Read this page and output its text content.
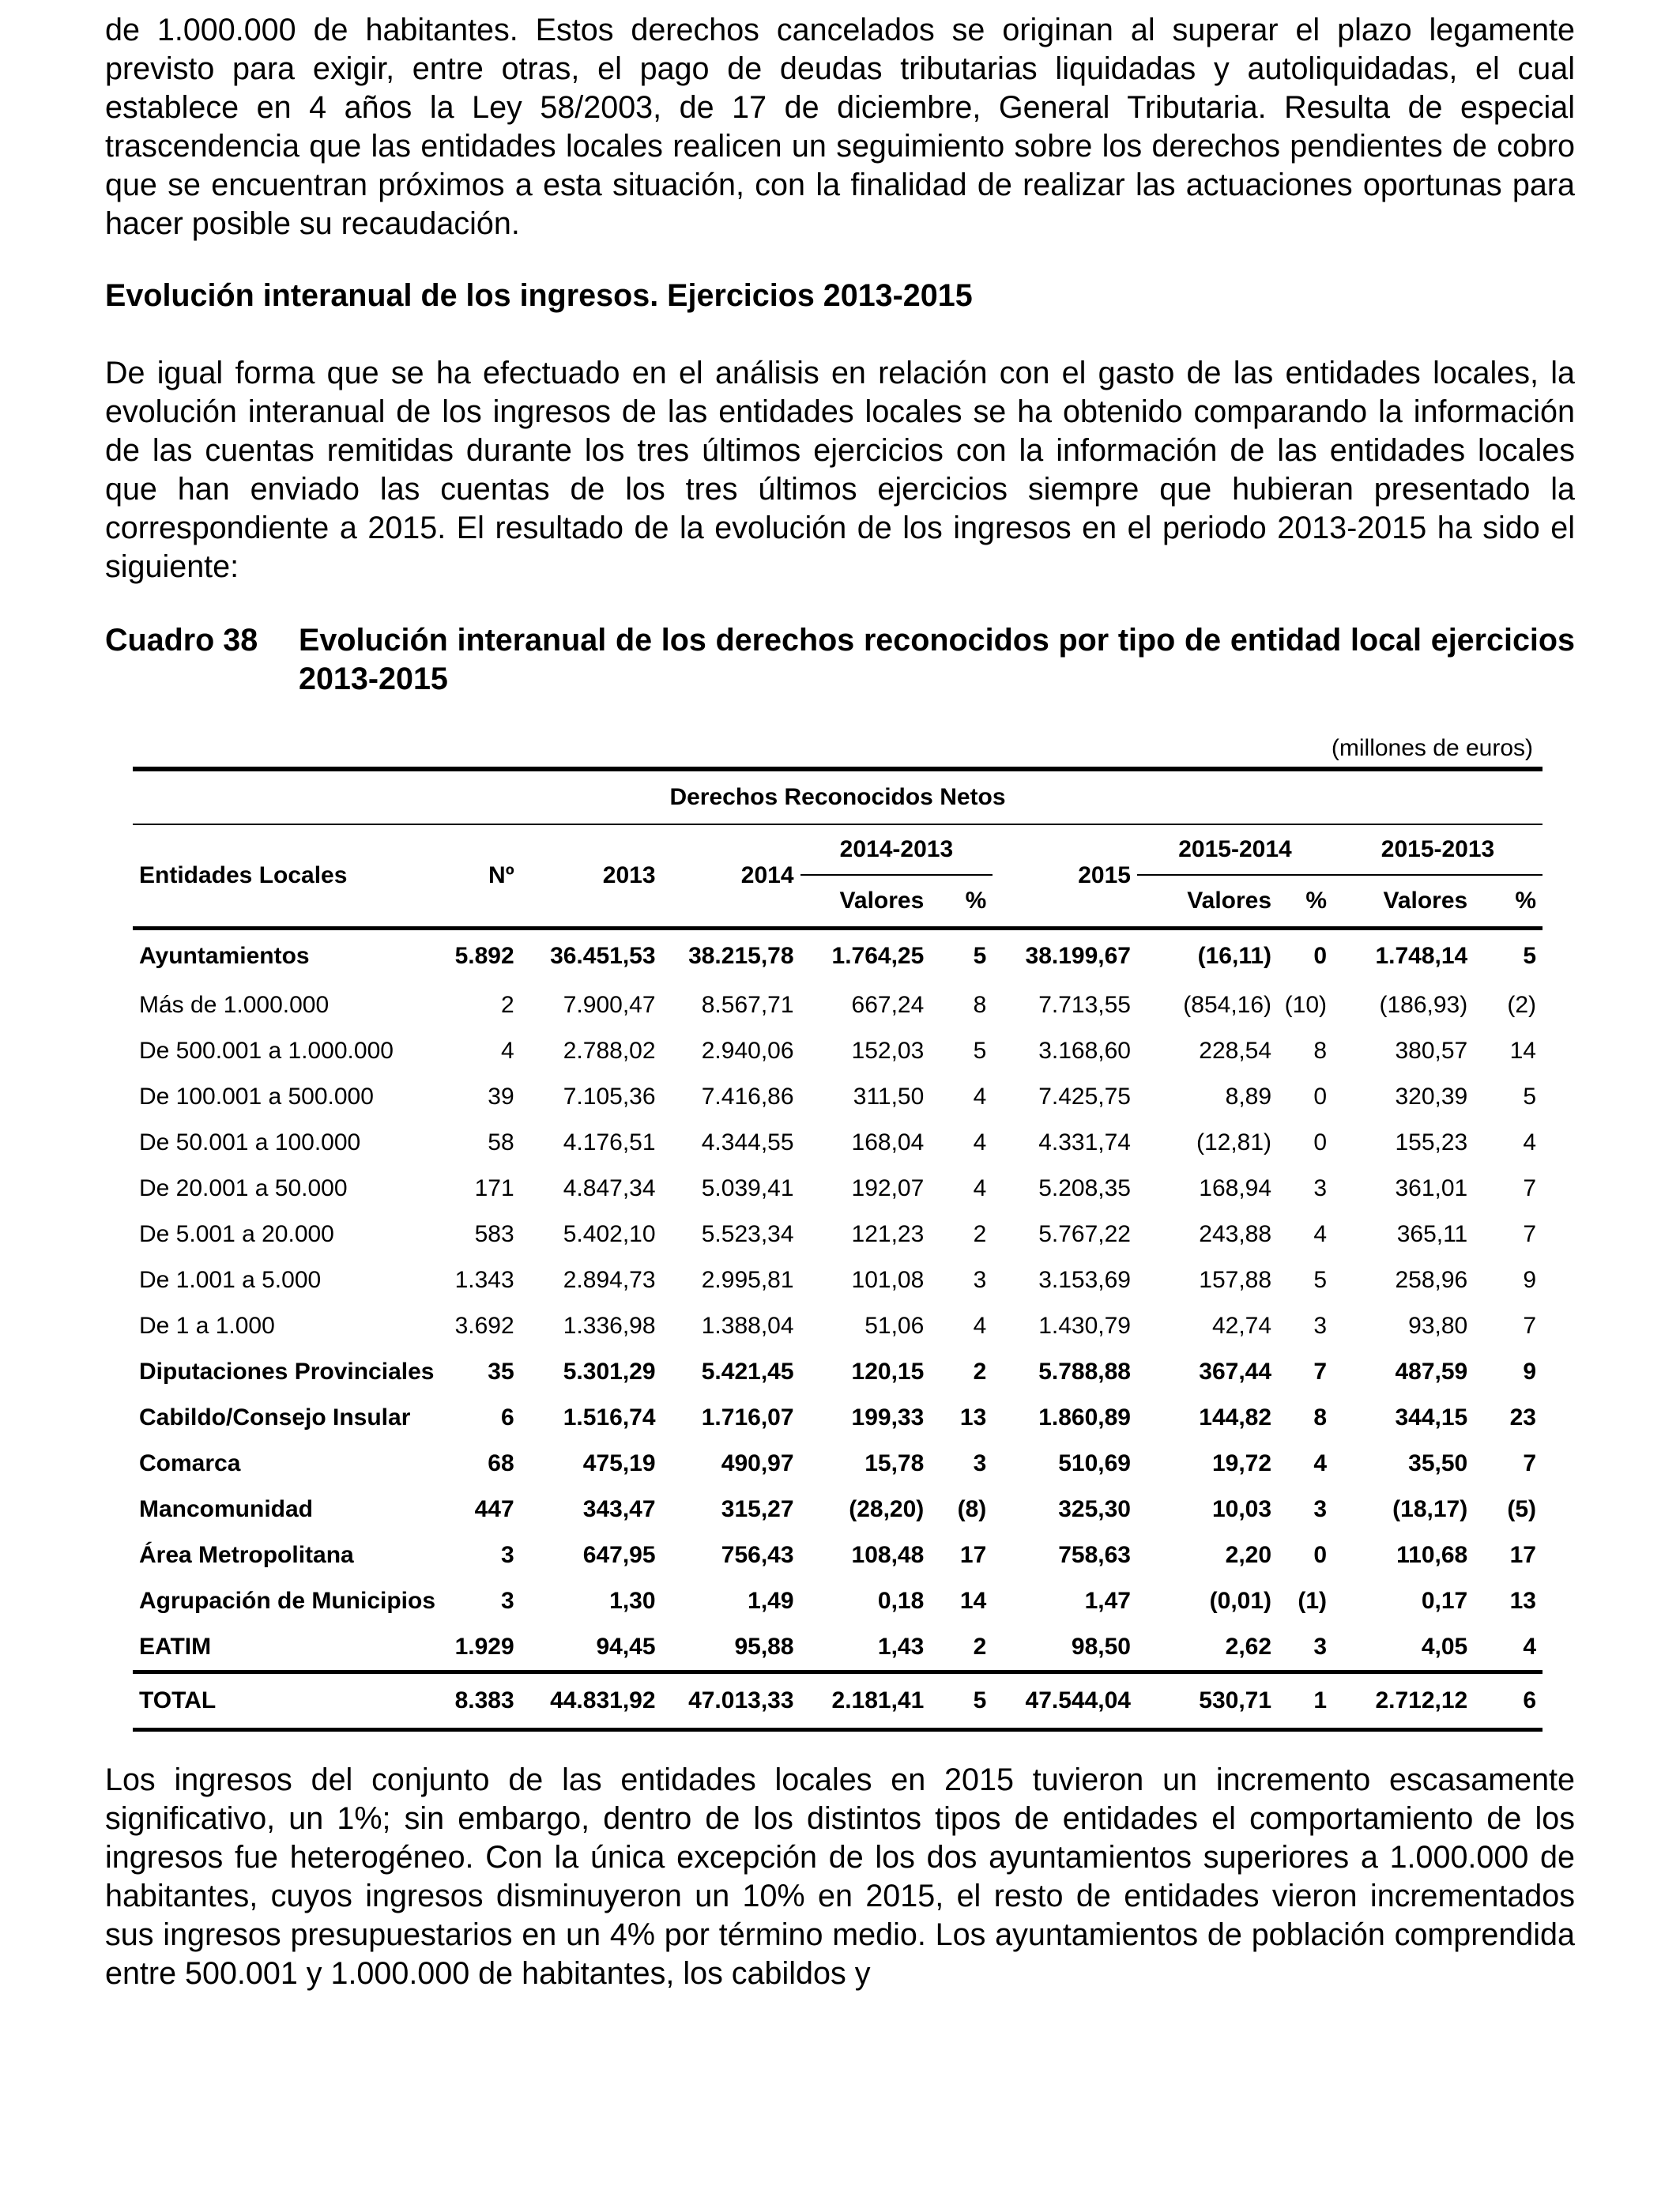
de 1.000.000 de habitantes. Estos derechos cancelados se originan al superar el plazo legamente previsto para exigir, entre otras, el pago de deudas tributarias liquidadas y autoliquidadas, el cual establece en 4 años la Ley 58/2003, de 17 de diciembre, General Tributaria. Resulta de especial trascendencia que las entidades locales realicen un seguimiento sobre los derechos pendientes de cobro que se encuentran próximos a esta situación, con la finalidad de realizar las actuaciones oportunas para hacer posible su recaudación.

Evolución interanual de los ingresos. Ejercicios 2013-2015

De igual forma que se ha efectuado en el análisis en relación con el gasto de las entidades locales, la evolución interanual de los ingresos de las entidades locales se ha obtenido comparando la información de las cuentas remitidas durante los tres últimos ejercicios con la información de las entidades locales que han enviado las cuentas de los tres últimos ejercicios siempre que hubieran presentado la correspondiente a 2015. El resultado de la evolución de los ingresos en el periodo 2013-2015 ha sido el siguiente:

Cuadro 38	Evolución interanual de los derechos reconocidos por tipo de entidad local ejercicios 2013-2015
(millones de euros)
Derechos Reconocidos Netos										
Entidades Locales	Nº	2013	2014	2014-2013		2015	2015-2014		2015-2013	
				Valores	%		Valores	%	Valores	%
Ayuntamientos	5.892	36.451,53	38.215,78	1.764,25	5	38.199,67	(16,11)	0	1.748,14	5
Más de 1.000.000	2	7.900,47	8.567,71	667,24	8	7.713,55	(854,16)	(10)	(186,93)	(2)
De 500.001 a 1.000.000	4	2.788,02	2.940,06	152,03	5	3.168,60	228,54	8	380,57	14
De 100.001 a 500.000	39	7.105,36	7.416,86	311,50	4	7.425,75	8,89	0	320,39	5
De 50.001 a 100.000	58	4.176,51	4.344,55	168,04	4	4.331,74	(12,81)	0	155,23	4
De 20.001 a 50.000	171	4.847,34	5.039,41	192,07	4	5.208,35	168,94	3	361,01	7
De 5.001 a 20.000	583	5.402,10	5.523,34	121,23	2	5.767,22	243,88	4	365,11	7
De 1.001 a 5.000	1.343	2.894,73	2.995,81	101,08	3	3.153,69	157,88	5	258,96	9
De 1 a 1.000	3.692	1.336,98	1.388,04	51,06	4	1.430,79	42,74	3	93,80	7
Diputaciones Provinciales	35	5.301,29	5.421,45	120,15	2	5.788,88	367,44	7	487,59	9
Cabildo/Consejo Insular	6	1.516,74	1.716,07	199,33	13	1.860,89	144,82	8	344,15	23
Comarca	68	475,19	490,97	15,78	3	510,69	19,72	4	35,50	7
Mancomunidad	447	343,47	315,27	(28,20)	(8)	325,30	10,03	3	(18,17)	(5)
Área Metropolitana	3	647,95	756,43	108,48	17	758,63	2,20	0	110,68	17
Agrupación de Municipios	3	1,30	1,49	0,18	14	1,47	(0,01)	(1)	0,17	13
EATIM	1.929	94,45	95,88	1,43	2	98,50	2,62	3	4,05	4
TOTAL	8.383	44.831,92	47.013,33	2.181,41	5	47.544,04	530,71	1	2.712,12	6

Los ingresos del conjunto de las entidades locales en 2015 tuvieron un incremento escasamente significativo, un 1%; sin embargo, dentro de los distintos tipos de entidades el comportamiento de los ingresos fue heterogéneo. Con la única excepción de los dos ayuntamientos superiores a 1.000.000 de habitantes, cuyos ingresos disminuyeron un 10% en 2015, el resto de entidades vieron incrementados sus ingresos presupuestarios en un 4% por término medio. Los ayuntamientos de población comprendida entre 500.001 y 1.000.000 de habitantes, los cabildos y
